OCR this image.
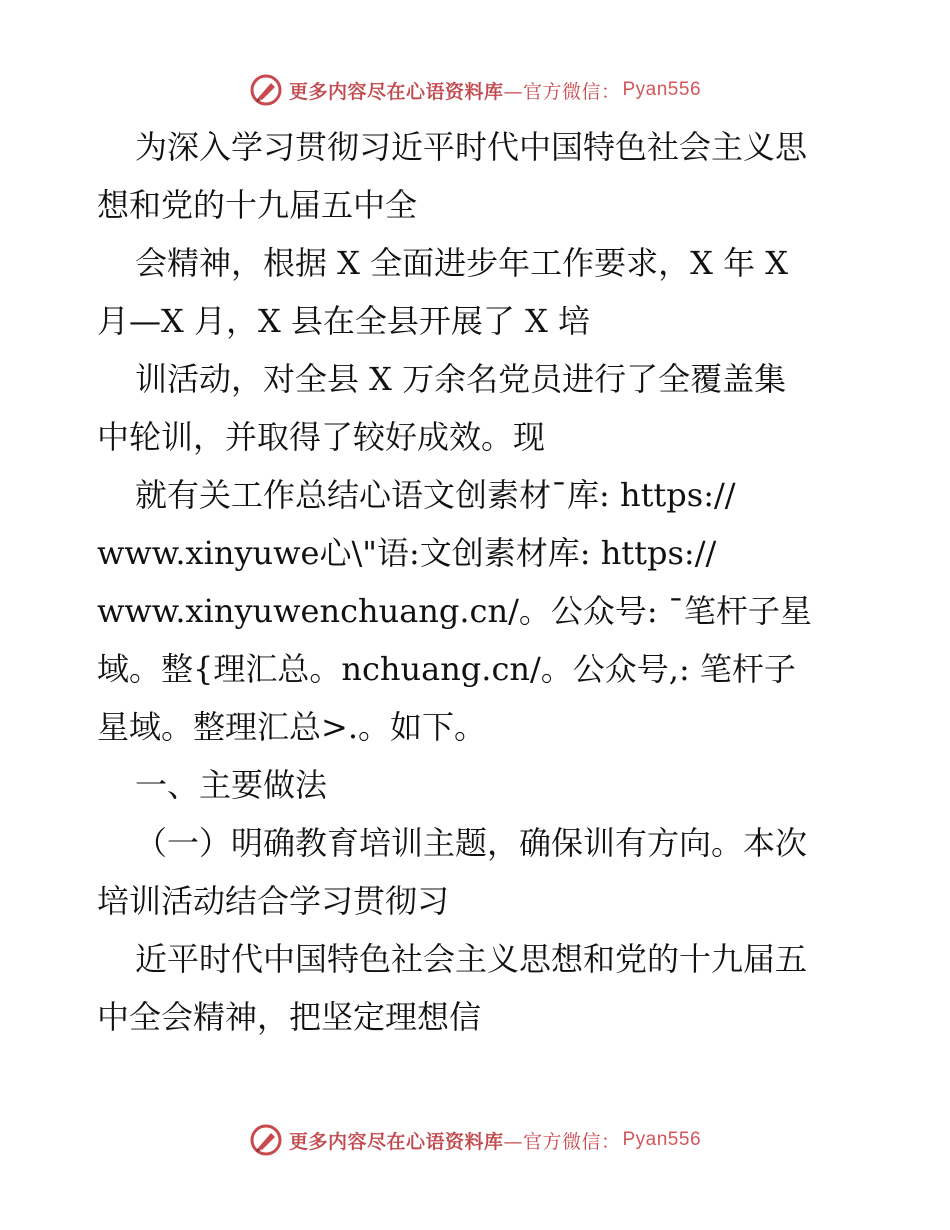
更多内容尽在心语资料库 —官方微信： Pyan556
为深入学习贯彻习近平时代中国特色社会主义思
想和党的十九届五中全
会精神，根据 X 全面进步年工作要求，X 年 X
月—X 月，X 县在全县开展了 X 培
训活动，对全县 X 万余名党员进行了全覆盖集
中轮训，并取得了较好成效。现
就有关工作总结心语文创素材¯库: https://
www.xinyuwe心\"语:文创素材库: https://
www.xinyuwenchuang.cn/。公众号: ¯笔杆子星
域。整{理汇总。nchuang.cn/。公众号,: 笔杆子
星域。整理汇总>.。如下。
一、主要做法
（一）明确教育培训主题，确保训有方向。本次
培训活动结合学习贯彻习
近平时代中国特色社会主义思想和党的十九届五
中全会精神，把坚定理想信
更多内容尽在心语资料库 —官方微信： Pyan556
